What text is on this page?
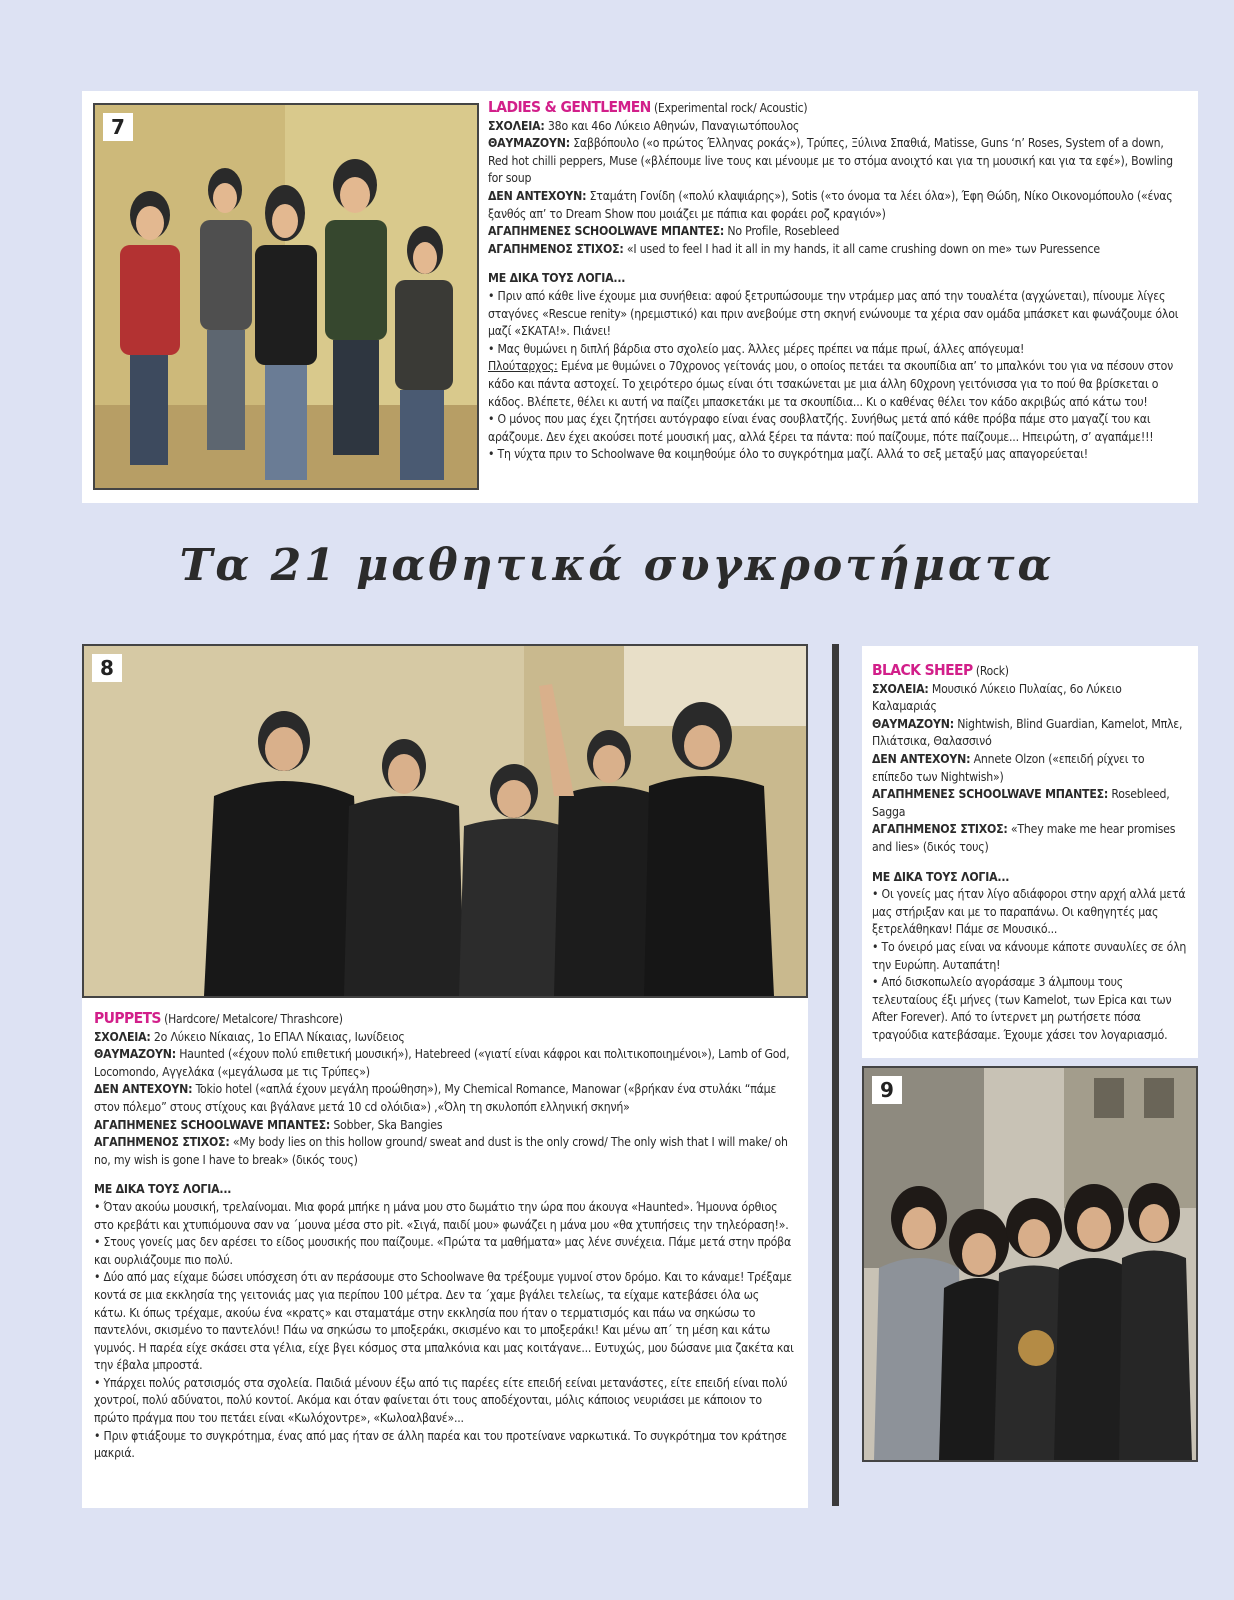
7
LADIES & GENTLEMEN (Experimental rock/ Acoustic)
ΣΧΟΛΕΙΑ: 38ο και 46ο Λύκειο Αθηνών, Παναγιωτόπουλος
ΘΑΥΜΑΖΟΥΝ: Σαββόπουλο («ο πρώτος Έλληνας ροκάς»), Τρύπες, Ξύλινα Σπαθιά, Matisse, Guns ‘n’ Roses, System of a down, Red hot chilli peppers, Muse («βλέπουμε live τους και μένουμε με το στόμα ανοιχτό και για τη μουσική και για τα εφέ»), Bowling for soup
ΔΕΝ ΑΝΤΕΧΟΥΝ: Σταμάτη Γονίδη («πολύ κλαψιάρης»), Sotis («το όνομα τα λέει όλα»), Έφη Θώδη, Νίκο Οικονομόπουλο («ένας ξανθός απ’ το Dream Show που μοιάζει με πάπια και φοράει ροζ κραγιόν»)
ΑΓΑΠΗΜΕΝΕΣ SCHOOLWAVE ΜΠΑΝΤΕΣ: No Profile, Rosebleed
ΑΓΑΠΗΜΕΝΟΣ ΣΤΙΧΟΣ: «I used to feel I had it all in my hands, it all came crushing down on me» των Puressence
ΜΕ ΔΙΚΑ ΤΟΥΣ ΛΟΓΙΑ...
• Πριν από κάθε live έχουμε μια συνήθεια: αφού ξετρυπώσουμε την ντράμερ μας από την τουαλέτα (αγχώνεται), πίνουμε λίγες σταγόνες «Rescue renity» (ηρεμιστικό) και πριν ανεβούμε στη σκηνή ενώνουμε τα χέρια σαν ομάδα μπάσκετ και φωνάζουμε όλοι μαζί «ΣΚΑΤΑ!». Πιάνει!
• Μας θυμώνει η διπλή βάρδια στο σχολείο μας. Άλλες μέρες πρέπει να πάμε πρωί, άλλες απόγευμα!
Πλούταρχος: Εμένα με θυμώνει ο 70χρονος γείτονάς μου, ο οποίος πετάει τα σκουπίδια απ’ το μπαλκόνι του για να πέσουν στον κάδο και πάντα αστοχεί. Το χειρότερο όμως είναι ότι τσακώνεται με μια άλλη 60χρονη γειτόνισσα για το πού θα βρίσκεται ο κάδος. Βλέπετε, θέλει κι αυτή να παίζει μπασκετάκι με τα σκουπίδια... Κι ο καθένας θέλει τον κάδο ακριβώς από κάτω του!
• Ο μόνος που μας έχει ζητήσει αυτόγραφο είναι ένας σουβλατζής. Συνήθως μετά από κάθε πρόβα πάμε στο μαγαζί του και αράζουμε. Δεν έχει ακούσει ποτέ μουσική μας, αλλά ξέρει τα πάντα: πού παίζουμε, πότε παίζουμε... Ηπειρώτη, σ’ αγαπάμε!!!
• Τη νύχτα πριν το Schoolwave θα κοιμηθούμε όλο το συγκρότημα μαζί. Αλλά το σεξ μεταξύ μας απαγορεύεται!
Τα 21 μαθητικά συγκροτήματα
8
PUPPETS (Hardcore/ Metalcore/ Thrashcore)
ΣΧΟΛΕΙΑ: 2ο Λύκειο Νίκαιας, 1ο ΕΠΑΛ Νίκαιας, Ιωνίδειος
ΘΑΥΜΑΖΟΥΝ: Haunted («έχουν πολύ επιθετική μουσική»), Hatebreed («γιατί είναι κάφροι και πολιτικοποιημένοι»), Lamb of God, Locomondo, Αγγελάκα («μεγάλωσα με τις Τρύπες»)
ΔΕΝ ΑΝΤΕΧΟΥΝ: Tokio hotel («απλά έχουν μεγάλη προώθηση»), My Chemical Romance, Manowar («βρήκαν ένα στυλάκι “πάμε στον πόλεμο” στους στίχους και βγάλανε μετά 10 cd ολόιδια») ,«Όλη τη σκυλοπόπ ελληνική σκηνή»
ΑΓΑΠΗΜΕΝΕΣ SCHOOLWAVE ΜΠΑΝΤΕΣ: Sobber, Ska Bangies
ΑΓΑΠΗΜΕΝΟΣ ΣΤΙΧΟΣ: «My body lies on this hollow ground/ sweat and dust is the only crowd/ The only wish that I will make/ oh no, my wish is gone I have to break» (δικός τους)
ΜΕ ΔΙΚΑ ΤΟΥΣ ΛΟΓΙΑ...
• Όταν ακούω μουσική, τρελαίνομαι. Μια φορά μπήκε η μάνα μου στο δωμάτιο την ώρα που άκουγα «Haunted». Ήμουνα όρθιος στο κρεβάτι και χτυπιόμουνα σαν να ΄μουνα μέσα στο pit. «Σιγά, παιδί μου» φωνάζει η μάνα μου «θα χτυπήσεις την τηλεόραση!».
• Στους γονείς μας δεν αρέσει το είδος μουσικής που παίζουμε. «Πρώτα τα μαθήματα» μας λένε συνέχεια. Πάμε μετά στην πρόβα και ουρλιάζουμε πιο πολύ.
• Δύο από μας είχαμε δώσει υπόσχεση ότι αν περάσουμε στο Schoolwave θα τρέξουμε γυμνοί στον δρόμο. Και το κάναμε! Τρέξαμε κοντά σε μια εκκλησία της γειτονιάς μας για περίπου 100 μέτρα. Δεν τα ΄χαμε βγάλει τελείως, τα είχαμε κατεβάσει όλα ως κάτω. Κι όπως τρέχαμε, ακούω ένα «κρατς» και σταματάμε στην εκκλησία που ήταν ο τερματισμός και πάω να σηκώσω το παντελόνι, σκισμένο το παντελόνι! Πάω να σηκώσω το μποξεράκι, σκισμένο και το μποξεράκι! Και μένω απ΄ τη μέση και κάτω γυμνός. Η παρέα είχε σκάσει στα γέλια, είχε βγει κόσμος στα μπαλκόνια και μας κοιτάγανε... Ευτυχώς, μου δώσανε μια ζακέτα και την έβαλα μπροστά.
• Υπάρχει πολύς ρατσισμός στα σχολεία. Παιδιά μένουν έξω από τις παρέες είτε επειδή εείναι μετανάστες, είτε επειδή είναι πολύ χοντροί, πολύ αδύνατοι, πολύ κοντοί. Ακόμα και όταν φαίνεται ότι τους αποδέχονται, μόλις κάποιος νευριάσει με κάποιον το πρώτο πράγμα που του πετάει είναι «Κωλόχοντρε», «Κωλοαλβανέ»...
• Πριν φτιάξουμε το συγκρότημα, ένας από μας ήταν σε άλλη παρέα και του προτείνανε ναρκωτικά. Το συγκρότημα τον κράτησε μακριά.
BLACK SHEEP (Rock)
ΣΧΟΛΕΙΑ: Μουσικό Λύκειο Πυλαίας, 6ο Λύκειο Καλαμαριάς
ΘΑΥΜΑΖΟΥΝ: Nightwish, Blind Guardian, Kamelot, Μπλε, Πλιάτσικα, Θαλασσινό
ΔΕΝ ΑΝΤΕΧΟΥΝ: Annete Olzon («επειδή ρίχνει το επίπεδο των Nightwish»)
ΑΓΑΠΗΜΕΝΕΣ SCHOOLWAVE ΜΠΑΝΤΕΣ: Rosebleed, Sagga
ΑΓΑΠΗΜΕΝΟΣ ΣΤΙΧΟΣ: «They make me hear promises and lies» (δικός τους)
ΜΕ ΔΙΚΑ ΤΟΥΣ ΛΟΓΙΑ...
• Οι γονείς μας ήταν λίγο αδιάφοροι στην αρχή αλλά μετά μας στήριξαν και με το παραπάνω. Οι καθηγητές μας ξετρελάθηκαν! Πάμε σε Μουσικό...
• Το όνειρό μας είναι να κάνουμε κάποτε συναυλίες σε όλη την Ευρώπη. Αυταπάτη!
• Από δισκοπωλείο αγοράσαμε 3 άλμπουμ τους τελευταίους έξι μήνες (των Kamelot, των Epica και των After Forever). Από το ίντερνετ μη ρωτήσετε πόσα τραγούδια κατεβάσαμε. Έχουμε χάσει τον λογαριασμό.
9
